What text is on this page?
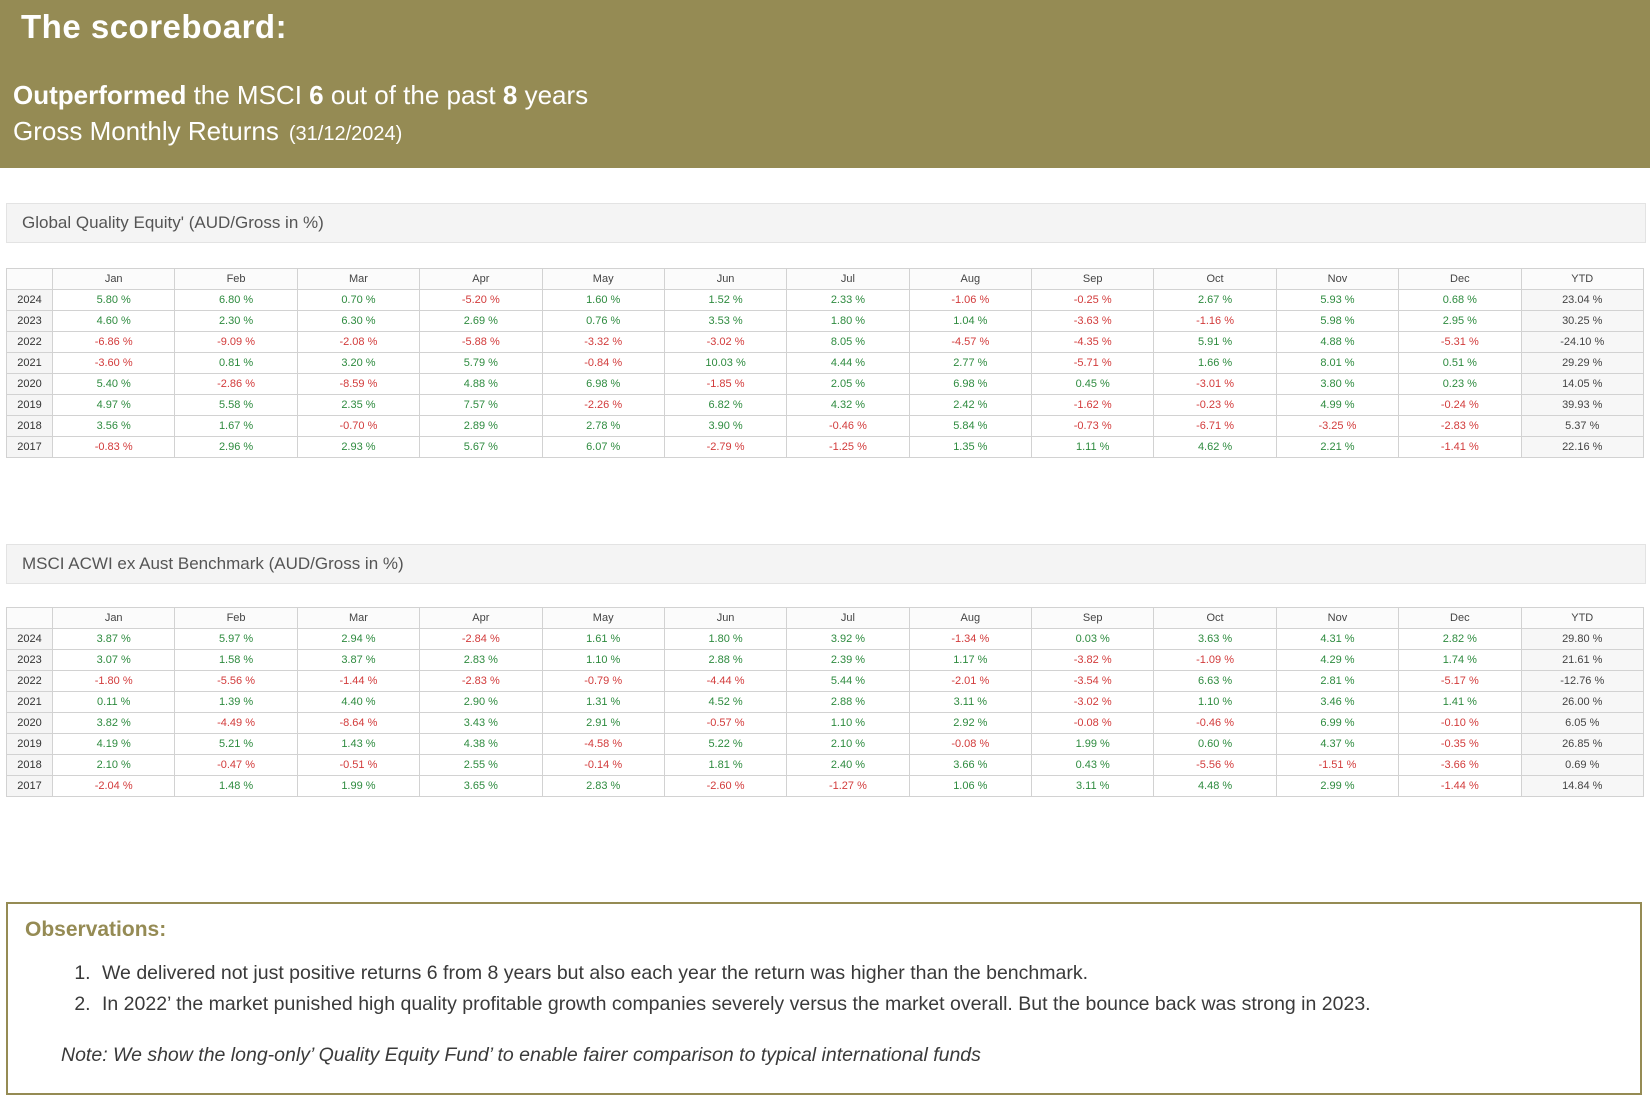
The scoreboard:
Outperformed the MSCI 6 out of the past 8 years
Gross Monthly Returns (31/12/2024)
Global Quality Equity' (AUD/Gross in %)
	Jan	Feb	Mar	Apr	May	Jun	Jul	Aug	Sep	Oct	Nov	Dec	YTD
2024	5.80 %	6.80 %	0.70 %	-5.20 %	1.60 %	1.52 %	2.33 %	-1.06 %	-0.25 %	2.67 %	5.93 %	0.68 %	23.04 %
2023	4.60 %	2.30 %	6.30 %	2.69 %	0.76 %	3.53 %	1.80 %	1.04 %	-3.63 %	-1.16 %	5.98 %	2.95 %	30.25 %
2022	-6.86 %	-9.09 %	-2.08 %	-5.88 %	-3.32 %	-3.02 %	8.05 %	-4.57 %	-4.35 %	5.91 %	4.88 %	-5.31 %	-24.10 %
2021	-3.60 %	0.81 %	3.20 %	5.79 %	-0.84 %	10.03 %	4.44 %	2.77 %	-5.71 %	1.66 %	8.01 %	0.51 %	29.29 %
2020	5.40 %	-2.86 %	-8.59 %	4.88 %	6.98 %	-1.85 %	2.05 %	6.98 %	0.45 %	-3.01 %	3.80 %	0.23 %	14.05 %
2019	4.97 %	5.58 %	2.35 %	7.57 %	-2.26 %	6.82 %	4.32 %	2.42 %	-1.62 %	-0.23 %	4.99 %	-0.24 %	39.93 %
2018	3.56 %	1.67 %	-0.70 %	2.89 %	2.78 %	3.90 %	-0.46 %	5.84 %	-0.73 %	-6.71 %	-3.25 %	-2.83 %	5.37 %
2017	-0.83 %	2.96 %	2.93 %	5.67 %	6.07 %	-2.79 %	-1.25 %	1.35 %	1.11 %	4.62 %	2.21 %	-1.41 %	22.16 %
MSCI ACWI ex Aust Benchmark (AUD/Gross in %)
	Jan	Feb	Mar	Apr	May	Jun	Jul	Aug	Sep	Oct	Nov	Dec	YTD
2024	3.87 %	5.97 %	2.94 %	-2.84 %	1.61 %	1.80 %	3.92 %	-1.34 %	0.03 %	3.63 %	4.31 %	2.82 %	29.80 %
2023	3.07 %	1.58 %	3.87 %	2.83 %	1.10 %	2.88 %	2.39 %	1.17 %	-3.82 %	-1.09 %	4.29 %	1.74 %	21.61 %
2022	-1.80 %	-5.56 %	-1.44 %	-2.83 %	-0.79 %	-4.44 %	5.44 %	-2.01 %	-3.54 %	6.63 %	2.81 %	-5.17 %	-12.76 %
2021	0.11 %	1.39 %	4.40 %	2.90 %	1.31 %	4.52 %	2.88 %	3.11 %	-3.02 %	1.10 %	3.46 %	1.41 %	26.00 %
2020	3.82 %	-4.49 %	-8.64 %	3.43 %	2.91 %	-0.57 %	1.10 %	2.92 %	-0.08 %	-0.46 %	6.99 %	-0.10 %	6.05 %
2019	4.19 %	5.21 %	1.43 %	4.38 %	-4.58 %	5.22 %	2.10 %	-0.08 %	1.99 %	0.60 %	4.37 %	-0.35 %	26.85 %
2018	2.10 %	-0.47 %	-0.51 %	2.55 %	-0.14 %	1.81 %	2.40 %	3.66 %	0.43 %	-5.56 %	-1.51 %	-3.66 %	0.69 %
2017	-2.04 %	1.48 %	1.99 %	3.65 %	2.83 %	-2.60 %	-1.27 %	1.06 %	3.11 %	4.48 %	2.99 %	-1.44 %	14.84 %
Observations:
1. We delivered not just positive returns 6 from 8 years but also each year the return was higher than the benchmark.
2. In 2022’ the market punished high quality profitable growth companies severely versus the market overall. But the bounce back was strong in 2023.
Note: We show the long-only’ Quality Equity Fund’ to enable fairer comparison to typical international funds
